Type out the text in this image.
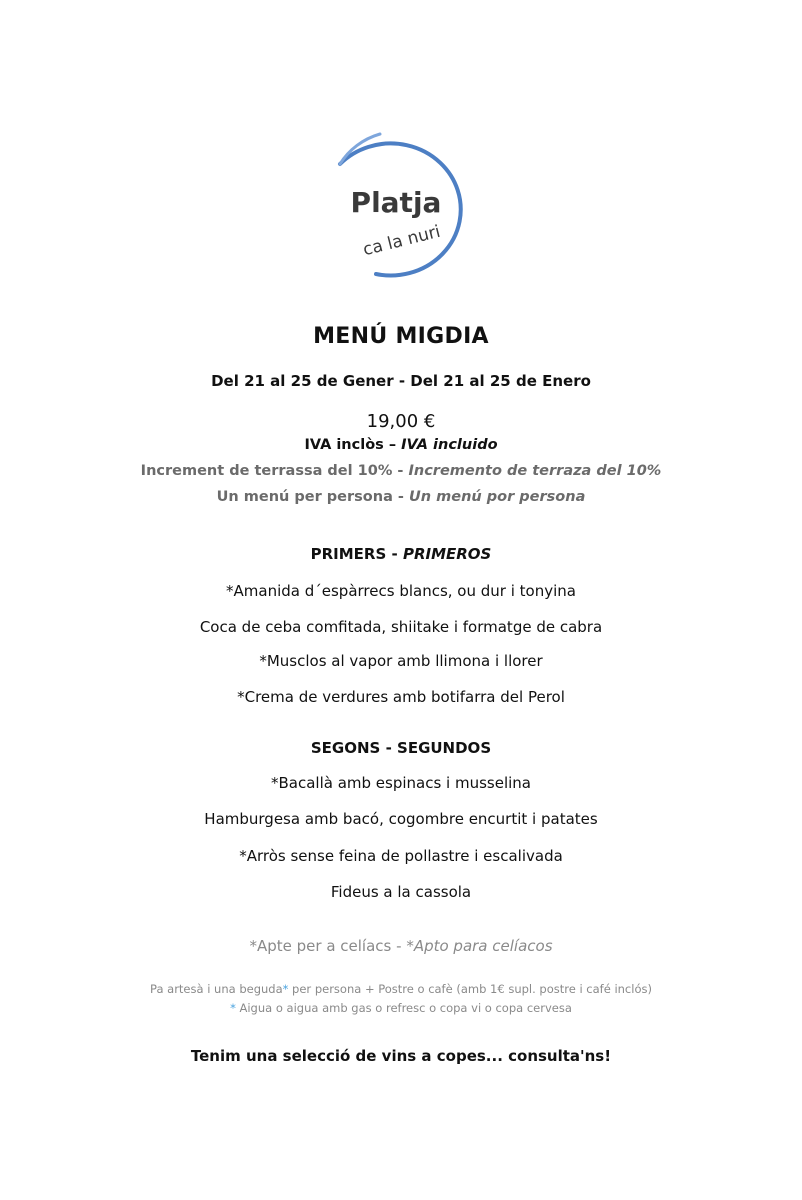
Platja
ca la nuri
MENÚ MIGDIA
Del 21 al 25 de Gener - Del 21 al 25 de Enero
19,00 €
IVA inclòs – IVA incluido
Increment de terrassa del 10% - Incremento de terraza del 10%
Un menú per persona - Un menú por persona
PRIMERS - PRIMEROS
*Amanida d´espàrrecs blancs, ou dur i tonyina
Coca de ceba comfitada, shiitake i formatge de cabra
*Musclos al vapor amb llimona i llorer
*Crema de verdures amb botifarra del Perol
SEGONS - SEGUNDOS
*Bacallà amb espinacs i musselina
Hamburgesa amb bacó, cogombre encurtit i patates
*Arròs sense feina de pollastre i escalivada
Fideus a la cassola
*Apte per a celíacs - *Apto para celíacos
Pa artesà i una beguda* per persona + Postre o cafè (amb 1€ supl. postre i café inclós)
* Aigua o aigua amb gas o refresc o copa vi o copa cervesa
Tenim una selecció de vins a copes... consulta'ns!
